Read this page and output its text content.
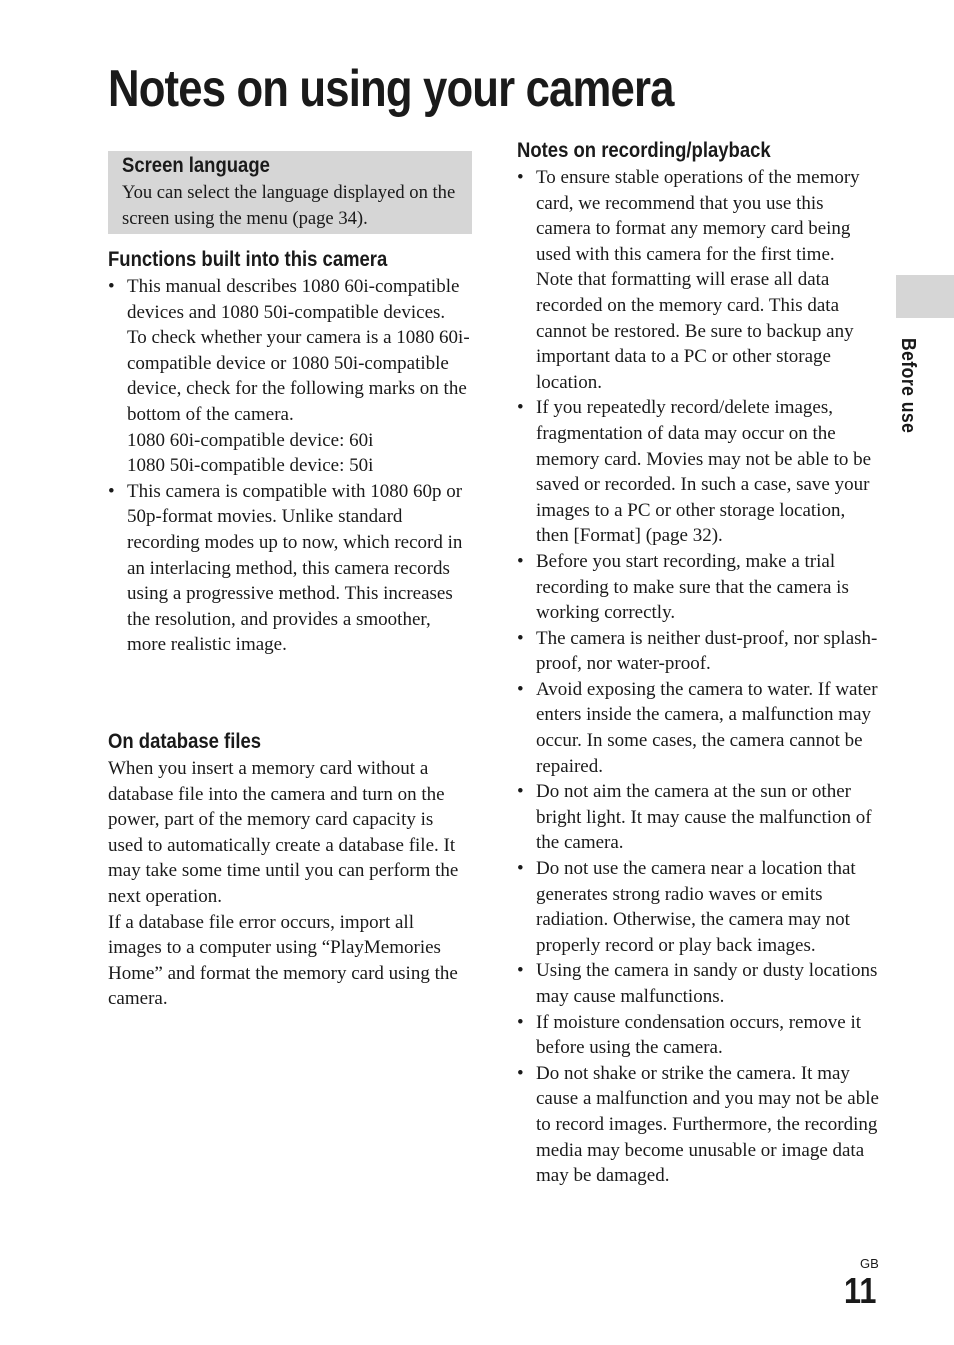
Notes on using your camera
Screen language
You can select the language displayed on the screen using the menu (page 34).
Functions built into this camera
• This manual describes 1080 60i-compatible devices and 1080 50i-compatible devices.
To check whether your camera is a 1080 60i-compatible device or 1080 50i-compatible device, check for the following marks on the bottom of the camera.
1080 60i-compatible device: 60i
1080 50i-compatible device: 50i
• This camera is compatible with 1080 60p or 50p-format movies. Unlike standard recording modes up to now, which record in an interlacing method, this camera records using a progressive method. This increases the resolution, and provides a smoother, more realistic image.
On database files
When you insert a memory card without a database file into the camera and turn on the power, part of the memory card capacity is used to automatically create a database file. It may take some time until you can perform the next operation.
If a database file error occurs, import all images to a computer using “PlayMemories Home” and format the memory card using the camera.
Notes on recording/playback
• To ensure stable operations of the memory card, we recommend that you use this camera to format any memory card being used with this camera for the first time.
Note that formatting will erase all data recorded on the memory card. This data cannot be restored. Be sure to backup any important data to a PC or other storage location.
• If you repeatedly record/delete images, fragmentation of data may occur on the memory card. Movies may not be able to be saved or recorded. In such a case, save your images to a PC or other storage location, then [Format] (page 32).
• Before you start recording, make a trial recording to make sure that the camera is working correctly.
• The camera is neither dust-proof, nor splash-proof, nor water-proof.
• Avoid exposing the camera to water. If water enters inside the camera, a malfunction may occur. In some cases, the camera cannot be repaired.
• Do not aim the camera at the sun or other bright light. It may cause the malfunction of the camera.
• Do not use the camera near a location that generates strong radio waves or emits radiation. Otherwise, the camera may not properly record or play back images.
• Using the camera in sandy or dusty locations may cause malfunctions.
• If moisture condensation occurs, remove it before using the camera.
• Do not shake or strike the camera. It may cause a malfunction and you may not be able to record images. Furthermore, the recording media may become unusable or image data may be damaged.
Before use
GB
11
